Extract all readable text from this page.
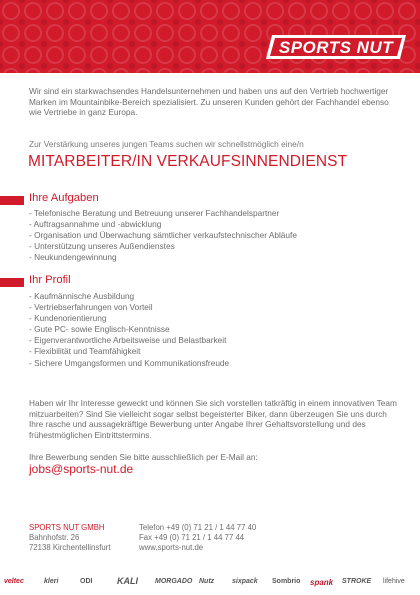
SPORTS NUT
Wir sind ein starkwachsendes Handelsunternehmen und haben uns auf den Vertrieb hochwertiger Marken im Mountainbike-Bereich spezialisiert. Zu unseren Kunden gehört der Fachhandel ebenso wie Vertriebe in ganz Europa.
Zur Verstärkung unseres jungen Teams suchen wir schnellstmöglich eine/n
MITARBEITER/IN VERKAUFSINNENDIENST
Ihre Aufgaben
- Telefonische Beratung und Betreuung unserer Fachhandelspartner
- Auftragsannahme und -abwicklung
- Organisation und Überwachung sämtlicher verkaufstechnischer Abläufe
- Unterstützung unseres Außendienstes
- Neukundengewinnung
Ihr Profil
- Kaufmännische Ausbildung
- Vertriebserfahrungen von Vorteil
- Kundenorientierung
- Gute PC- sowie Englisch-Kenntnisse
- Eigenverantwortliche Arbeitsweise und Belastbarkeit
- Flexibilität und Teamfähigkeit
- Sichere Umgangsformen und Kommunikationsfreude
Haben wir Ihr Interesse geweckt und können Sie sich vorstellen tatkräftig in einem innovativen Team mitzuarbeiten? Sind Sie vielleicht sogar selbst begeisterter Biker, dann überzeugen Sie uns durch Ihre rasche und aussagekräftige Bewerbung unter Angabe Ihrer Gehaltsvorstellung und des frühestmöglichen Eintrittstermins.
Ihre Bewerbung senden Sie bitte ausschließlich per E-Mail an:
jobs@sports-nut.de
SPORTS NUT GMBH
Bahnhofstr. 26
72138 Kirchentellinsfurt
Telefon +49 (0) 71 21 / 1 44 77 40
Fax +49 (0) 71 21 / 1 44 77 44
www.sports-nut.de
veltec	kleri	ODI	KALI MORGADO Nutz	sixpack Sombrio spank STROKE lifehive
